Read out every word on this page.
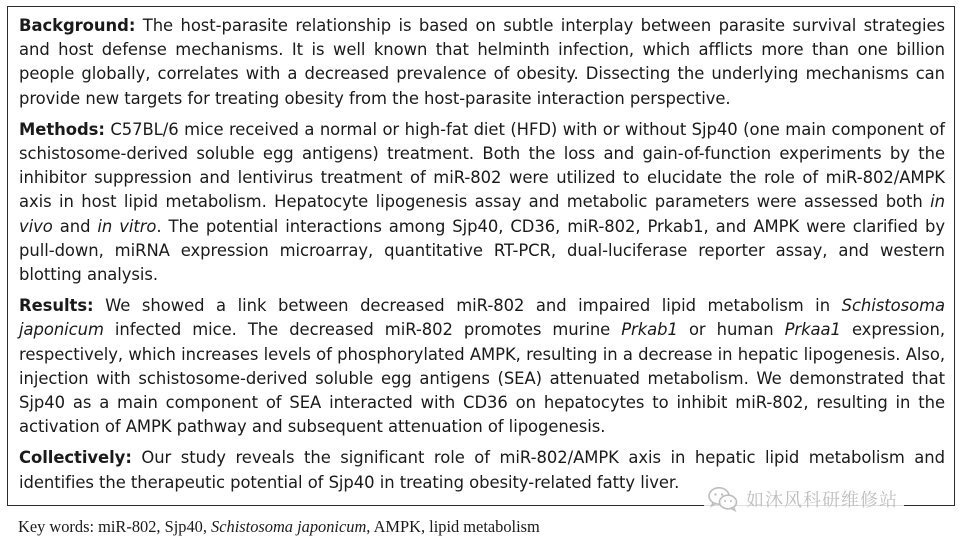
Background: The host-parasite relationship is based on subtle interplay between parasite survival strategies and host defense mechanisms. It is well known that helminth infection, which afflicts more than one billion people globally, correlates with a decreased prevalence of obesity. Dissecting the underlying mechanisms can provide new targets for treating obesity from the host-parasite interaction perspective.

Methods: C57BL/6 mice received a normal or high-fat diet (HFD) with or without Sjp40 (one main component of schistosome-derived soluble egg antigens) treatment. Both the loss and gain-of-function experiments by the inhibitor suppression and lentivirus treatment of miR-802 were utilized to elucidate the role of miR-802/AMPK axis in host lipid metabolism. Hepatocyte lipogenesis assay and metabolic parameters were assessed both in vivo and in vitro. The potential interactions among Sjp40, CD36, miR-802, Prkab1, and AMPK were clarified by pull-down, miRNA expression microarray, quantitative RT-PCR, dual-luciferase reporter assay, and western blotting analysis.

Results: We showed a link between decreased miR-802 and impaired lipid metabolism in Schistosoma japonicum infected mice. The decreased miR-802 promotes murine Prkab1 or human Prkaa1 expression, respectively, which increases levels of phosphorylated AMPK, resulting in a decrease in hepatic lipogenesis. Also, injection with schistosome-derived soluble egg antigens (SEA) attenuated metabolism. We demonstrated that Sjp40 as a main component of SEA interacted with CD36 on hepatocytes to inhibit miR-802, resulting in the activation of AMPK pathway and subsequent attenuation of lipogenesis.

Collectively: Our study reveals the significant role of miR-802/AMPK axis in hepatic lipid metabolism and identifies the therapeutic potential of Sjp40 in treating obesity-related fatty liver.

如沐风科研维修站
Key words: miR-802, Sjp40, Schistosoma japonicum, AMPK, lipid metabolism
